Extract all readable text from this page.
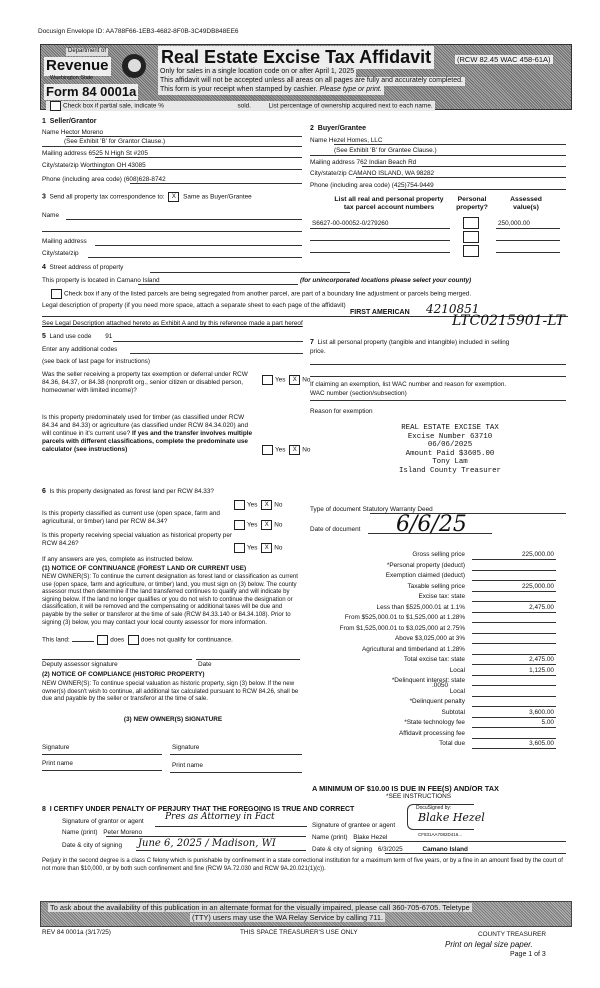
Docusign Envelope ID: AA788F66-1EB3-4682-8F0B-3C49DB848EE6
Department of
Revenue
Washington State
Form 84 0001a
Real Estate Excise Tax Affidavit	(RCW 82.45 WAC 458-61A)
Only for sales in a single location code on or after April 1, 2025
This affidavit will not be accepted unless all areas on all pages are fully and accurately completed.
This form is your receipt when stamped by cashier. Please type or print.
Check box if partial sale, indicate %	sold.	List percentage of ownership acquired next to each name.
1  Seller/Grantor
Name Hector Moreno
(See Exhibit 'B' for Grantor Clause.)
Mailing address 6525 N High St #205
City/state/zip Worthington OH 43085
Phone (including area code) (608)628-8742
2  Buyer/Grantee
Name Hezel Homes, LLC
(See Exhibit 'B' for Grantee Clause.)
Mailing address 762 Indian Beach Rd
City/state/zip CAMANO ISLAND, WA 98282
Phone (including area code) (425)754-9449
3 Send all property tax correspondence to: X Same as Buyer/Grantee
Name
Mailing address
City/state/zip
List all real and personal property
tax parcel account numbers
Personal
property?
Assessed
value(s)
S6627-00-00052-0/279260	250,000.00
4 Street address of property
This property is located in Camano Island	(for unincorporated locations please select your county)
Check box if any of the listed parcels are being segregated from another parcel, are part of a boundary line adjustment or parcels being merged.
Legal description of property (if you need more space, attach a separate sheet to each page of the affidavit)
FIRST AMERICAN 4210851
See Legal Description attached hereto as Exhibit A and by this reference made a part hereof	LTC0215901-LT
5 Land use code 91
Enter any additional codes
(see back of last page for instructions)
Was the seller receiving a property tax exemption or deferral under RCW 84.36, 84.37, or 84.38 (nonprofit org., senior citizen or disabled person, homeowner with limited income)?
Yes X No
Is this property predominately used for timber (as classified under RCW 84.34 and 84.33) or agriculture (as classified under RCW 84.34.020) and will continue in it's current use? If yes and the transfer involves multiple parcels with different classifications, complete the predominate use calculator (see instructions)	Yes X No
6 Is this property designated as forest land per RCW 84.33?
Yes X No
Is this property classified as current use (open space, farm and agricultural, or timber) land per RCW 84.34?
Yes X No
Is this property receiving special valuation as historical property per RCW 84.26?
Yes X No
If any answers are yes, complete as instructed below.
(1) NOTICE OF CONTINUANCE (FOREST LAND OR CURRENT USE)
NEW OWNER(S): To continue the current designation as forest land or classification as current use (open space, farm and agriculture, or timber) land, you must sign on (3) below. The county assessor must then determine if the land transferred continues to qualify and will indicate by signing below. If the land no longer qualifies or you do not wish to continue the designation or classification, it will be removed and the compensating or additional taxes will be due and payable by the seller or transferor at the time of sale (RCW 84.33.140 or 84.34.108). Prior to signing (3) below, you may contact your local county assessor for more information.
This land:	does	does not qualify for continuance.
Deputy assessor signature	Date
(2) NOTICE OF COMPLIANCE (HISTORIC PROPERTY)
NEW OWNER(S): To continue special valuation as historic property, sign (3) below. If the new owner(s) doesn't wish to continue, all additional tax calculated pursuant to RCW 84.26, shall be due and payable by the seller or transferor at the time of sale.
(3) NEW OWNER(S) SIGNATURE
Signature	Signature
Print name	Print name
7 List all personal property (tangible and intangible) included in selling price.
If claiming an exemption, list WAC number and reason for exemption.
WAC number (section/subsection)
Reason for exemption
REAL ESTATE EXCISE TAX
Excise Number 63710
06/06/2025
Amount Paid $3605.00
Tony Lam
Island County Treasurer
Type of document Statutory Warranty Deed
Date of document 6/6/25
Gross selling price	225,000.00
*Personal property (deduct)
Exemption claimed (deduct)
Taxable selling price	225,000.00
Excise tax: state
Less than $525,000.01 at 1.1%	2,475.00
From $525,000.01 to $1,525,000 at 1.28%
From $1,525,000.01 to $3,025,000 at 2.75%
Above $3,025,000 at 3%
Agricultural and timberland at 1.28%
Total excise tax: state	2,475.00
Local	1,125.00
*Delinquent interest: state
Local
*Delinquent penalty
Subtotal	3,600.00
*State technology fee	5.00
Affidavit processing fee
Total due	3,605.00
.0050
A MINIMUM OF $10.00 IS DUE IN FEE(S) AND/OR TAX
*SEE INSTRUCTIONS
8 I CERTIFY UNDER PENALTY OF PERJURY THAT THE FOREGOING IS TRUE AND CORRECT
Signature of grantor or agent Pres as Attorney in Fact
Name (print) Peter Moreno
Date & city of signing June 6, 2025 / Madison, WI
DocuSigned by:
Blake Hezel
Signature of grantee or agent
CF831AA7082D416...
Name (print) Blake Hezel
Date & city of signing 6/3/2025	Camano Island
Perjury in the second degree is a class C felony which is punishable by confinement in a state correctional institution for a maximum term of five years, or by a fine in an amount fixed by the court of not more than $10,000, or by both such confinement and fine (RCW 9A.72.030 and RCW 9A.20.021(1)(c)).
To ask about the availability of this publication in an alternate format for the visually impaired, please call 360-705-6705. Teletype
(TTY) users may use the WA Relay Service by calling 711.
REV 84 0001a (3/17/25)	THIS SPACE TREASURER'S USE ONLY	COUNTY TREASURER
Print on legal size paper.
Page 1 of 3
